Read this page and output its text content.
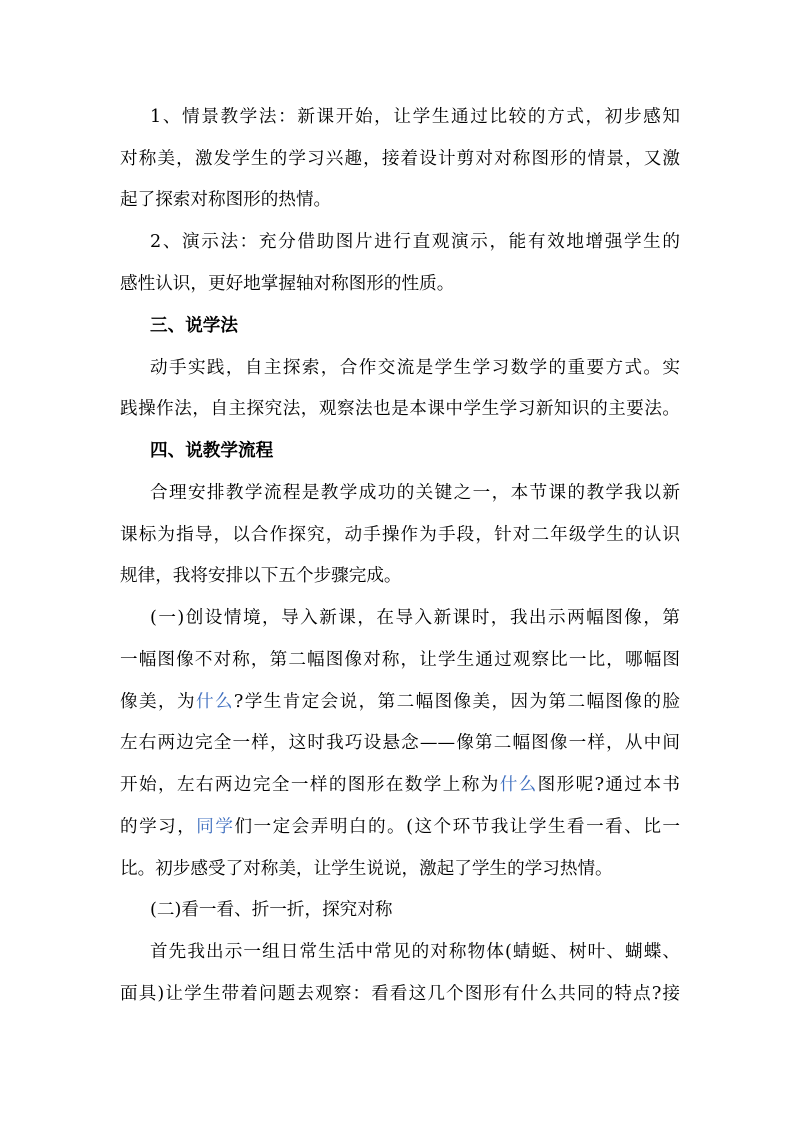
1、情景教学法：新课开始，让学生通过比较的方式，初步感知
对称美，激发学生的学习兴趣，接着设计剪对对称图形的情景，又激
起了探索对称图形的热情。
2、演示法：充分借助图片进行直观演示，能有效地增强学生的
感性认识，更好地掌握轴对称图形的性质。
三、说学法
动手实践，自主探索，合作交流是学生学习数学的重要方式。实
践操作法，自主探究法，观察法也是本课中学生学习新知识的主要法。
四、说教学流程
合理安排教学流程是教学成功的关键之一，本节课的教学我以新
课标为指导，以合作探究，动手操作为手段，针对二年级学生的认识
规律，我将安排以下五个步骤完成。
(一)创设情境，导入新课，在导入新课时，我出示两幅图像，第
一幅图像不对称，第二幅图像对称，让学生通过观察比一比，哪幅图
像美，为什么?学生肯定会说，第二幅图像美，因为第二幅图像的脸
左右两边完全一样，这时我巧设悬念——像第二幅图像一样，从中间
开始，左右两边完全一样的图形在数学上称为什么图形呢?通过本书
的学习，同学们一定会弄明白的。(这个环节我让学生看一看、比一
比。初步感受了对称美，让学生说说，激起了学生的学习热情。
(二)看一看、折一折，探究对称
首先我出示一组日常生活中常见的对称物体(蜻蜓、树叶、蝴蝶、
面具)让学生带着问题去观察：看看这几个图形有什么共同的特点?接
